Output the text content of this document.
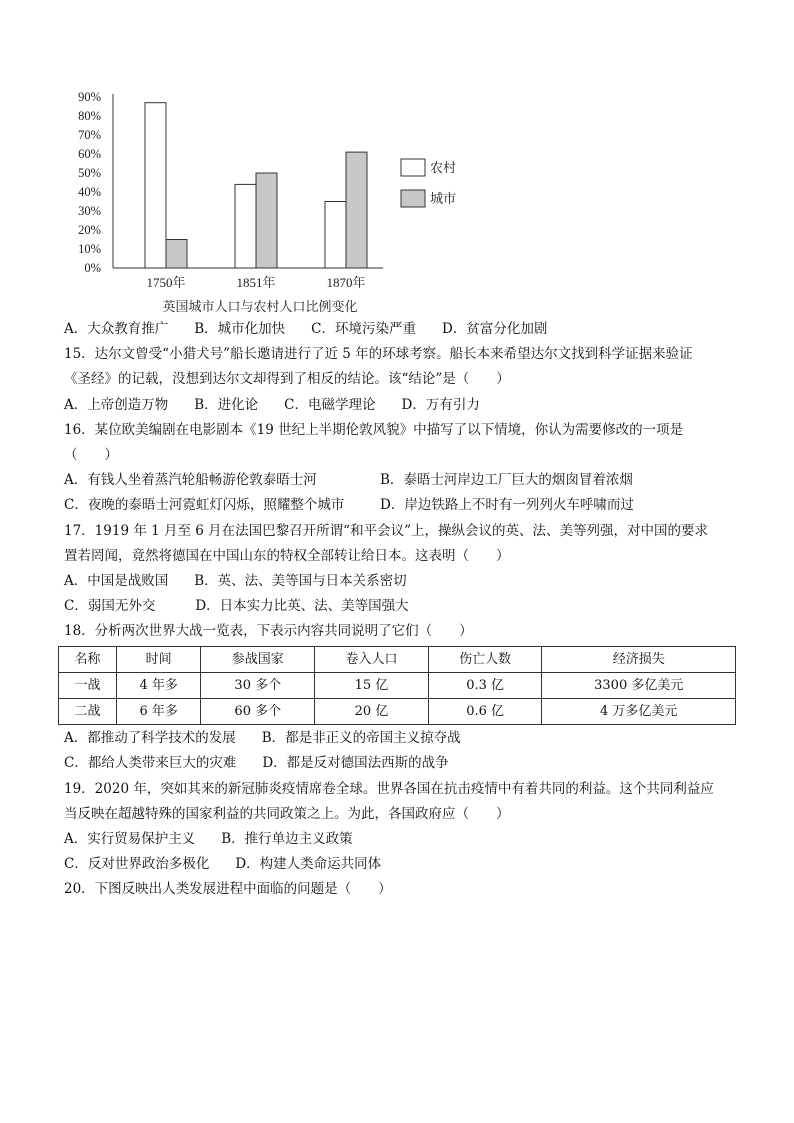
0%
10%
20%
30%
40%
50%
60%
70%
80%
90%
1750年	1851年	1870年
农村
城市
英国城市人口与农村人口比例变化
A．大众教育推广 B．城市化加快 C．环境污染严重 D．贫富分化加剧
15．达尔文曾受“小猎犬号”船长邀请进行了近 5 年的环球考察。船长本来希望达尔文找到科学证据来验证
《圣经》的记载，没想到达尔文却得到了相反的结论。该“结论”是（　　）
A．上帝创造万物 B．进化论 C．电磁学理论 D．万有引力
16．某位欧美编剧在电影剧本《19 世纪上半期伦敦风貌》中描写了以下情境，你认为需要修改的一项是
（　　）
A．有钱人坐着蒸汽轮船畅游伦敦泰晤士河	B．泰晤士河岸边工厂巨大的烟囱冒着浓烟
C．夜晚的泰晤士河霓虹灯闪烁，照耀整个城市	D．岸边铁路上不时有一列列火车呼啸而过
17．1919 年 1 月至 6 月在法国巴黎召开所谓“和平会议”上，操纵会议的英、法、美等列强，对中国的要求
置若罔闻，竟然将德国在中国山东的特权全部转让给日本。这表明（　　）
A．中国是战败国 B．英、法、美等国与日本关系密切
C．弱国无外交	D．日本实力比英、法、美等国强大
18．分析两次世界大战一览表，下表示内容共同说明了它们（　　）
名称	时间	参战国家	卷入人口	伤亡人数	经济损失
一战	4 年多	30 多个	15 亿	0.3 亿	3300 多亿美元
二战	6 年多	60 多个	20 亿	0.6 亿	4 万多亿美元
A．都推动了科学技术的发展 B．都是非正义的帝国主义掠夺战
C．都给人类带来巨大的灾难 D．都是反对德国法西斯的战争
19．2020 年，突如其来的新冠肺炎疫情席卷全球。世界各国在抗击疫情中有着共同的利益。这个共同利益应
当反映在超越特殊的国家利益的共同政策之上。为此，各国政府应（　　）
A．实行贸易保护主义 B．推行单边主义政策
C．反对世界政治多极化 D．构建人类命运共同体
20．下图反映出人类发展进程中面临的问题是（　　）
